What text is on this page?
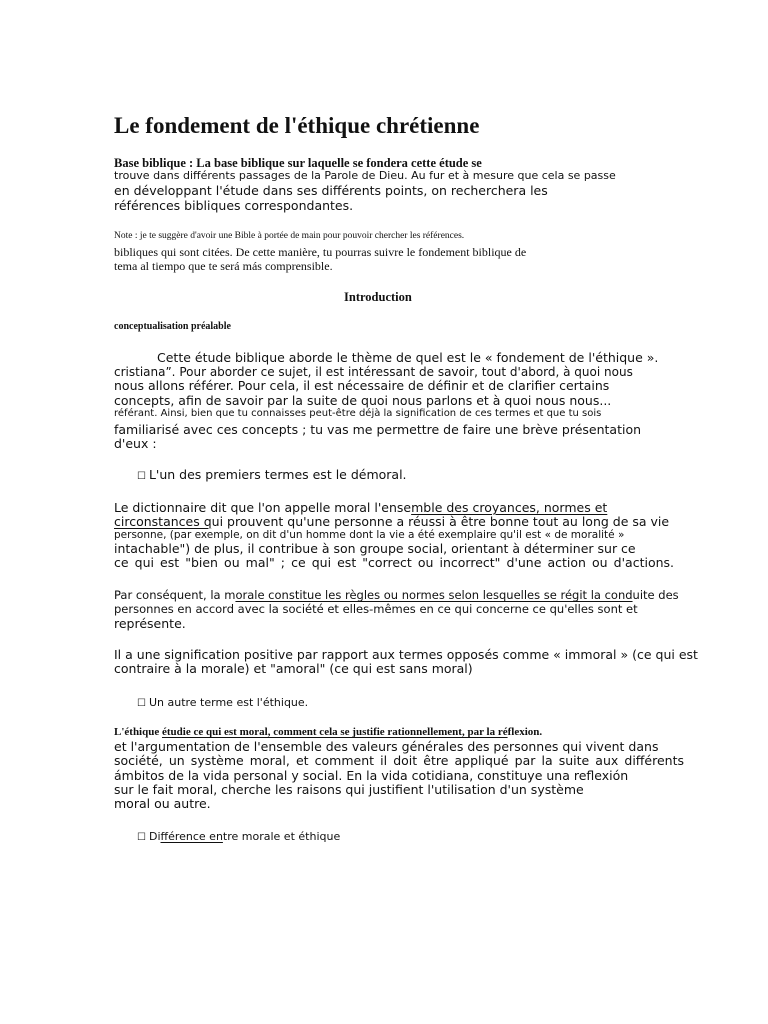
Le fondement de l'éthique chrétienne
Base biblique : La base biblique sur laquelle se fondera cette étude se
trouve dans différents passages de la Parole de Dieu. Au fur et à mesure que cela se passe
en développant l'étude dans ses différents points, on recherchera les
références bibliques correspondantes.
Note : je te suggère d'avoir une Bible à portée de main pour pouvoir chercher les références.
bibliques qui sont citées. De cette manière, tu pourras suivre le fondement biblique de
tema al tiempo que te será más comprensible.
Introduction
conceptualisation préalable
Cette étude biblique aborde le thème de quel est le « fondement de l'éthique ».
cristiana”. Pour aborder ce sujet, il est intéressant de savoir, tout d'abord, à quoi nous
nous allons référer. Pour cela, il est nécessaire de définir et de clarifier certains
concepts, afin de savoir par la suite de quoi nous parlons et à quoi nous nous...
référant. Ainsi, bien que tu connaisses peut-être déjà la signification de ces termes et que tu sois
familiarisé avec ces concepts ; tu vas me permettre de faire une brève présentation
d'eux :
☐ L'un des premiers termes est le démoral.
Le dictionnaire dit que l'on appelle moral l'ensemble des croyances, normes et
circonstances qui prouvent qu'une personne a réussi à être bonne tout au long de sa vie
personne, (par exemple, on dit d'un homme dont la vie a été exemplaire qu'il est « de moralité »
intachable") de plus, il contribue à son groupe social, orientant à déterminer sur ce
ce qui est "bien ou mal" ; ce qui est "correct ou incorrect" d'une action ou d'actions.
Par conséquent, la morale constitue les règles ou normes selon lesquelles se régit la conduite des
personnes en accord avec la société et elles-mêmes en ce qui concerne ce qu'elles sont et
représente.
Il a une signification positive par rapport aux termes opposés comme « immoral » (ce qui est
contraire à la morale) et "amoral" (ce qui est sans moral)
☐ Un autre terme est l'éthique.
L'éthique étudie ce qui est moral, comment cela se justifie rationnellement, par la réflexion.
et l'argumentation de l'ensemble des valeurs générales des personnes qui vivent dans
société, un système moral, et comment il doit être appliqué par la suite aux différents
ámbitos de la vida personal y social. En la vida cotidiana, constituye una reflexión
sur le fait moral, cherche les raisons qui justifient l'utilisation d'un système
moral ou autre.
☐ Différence entre morale et éthique
